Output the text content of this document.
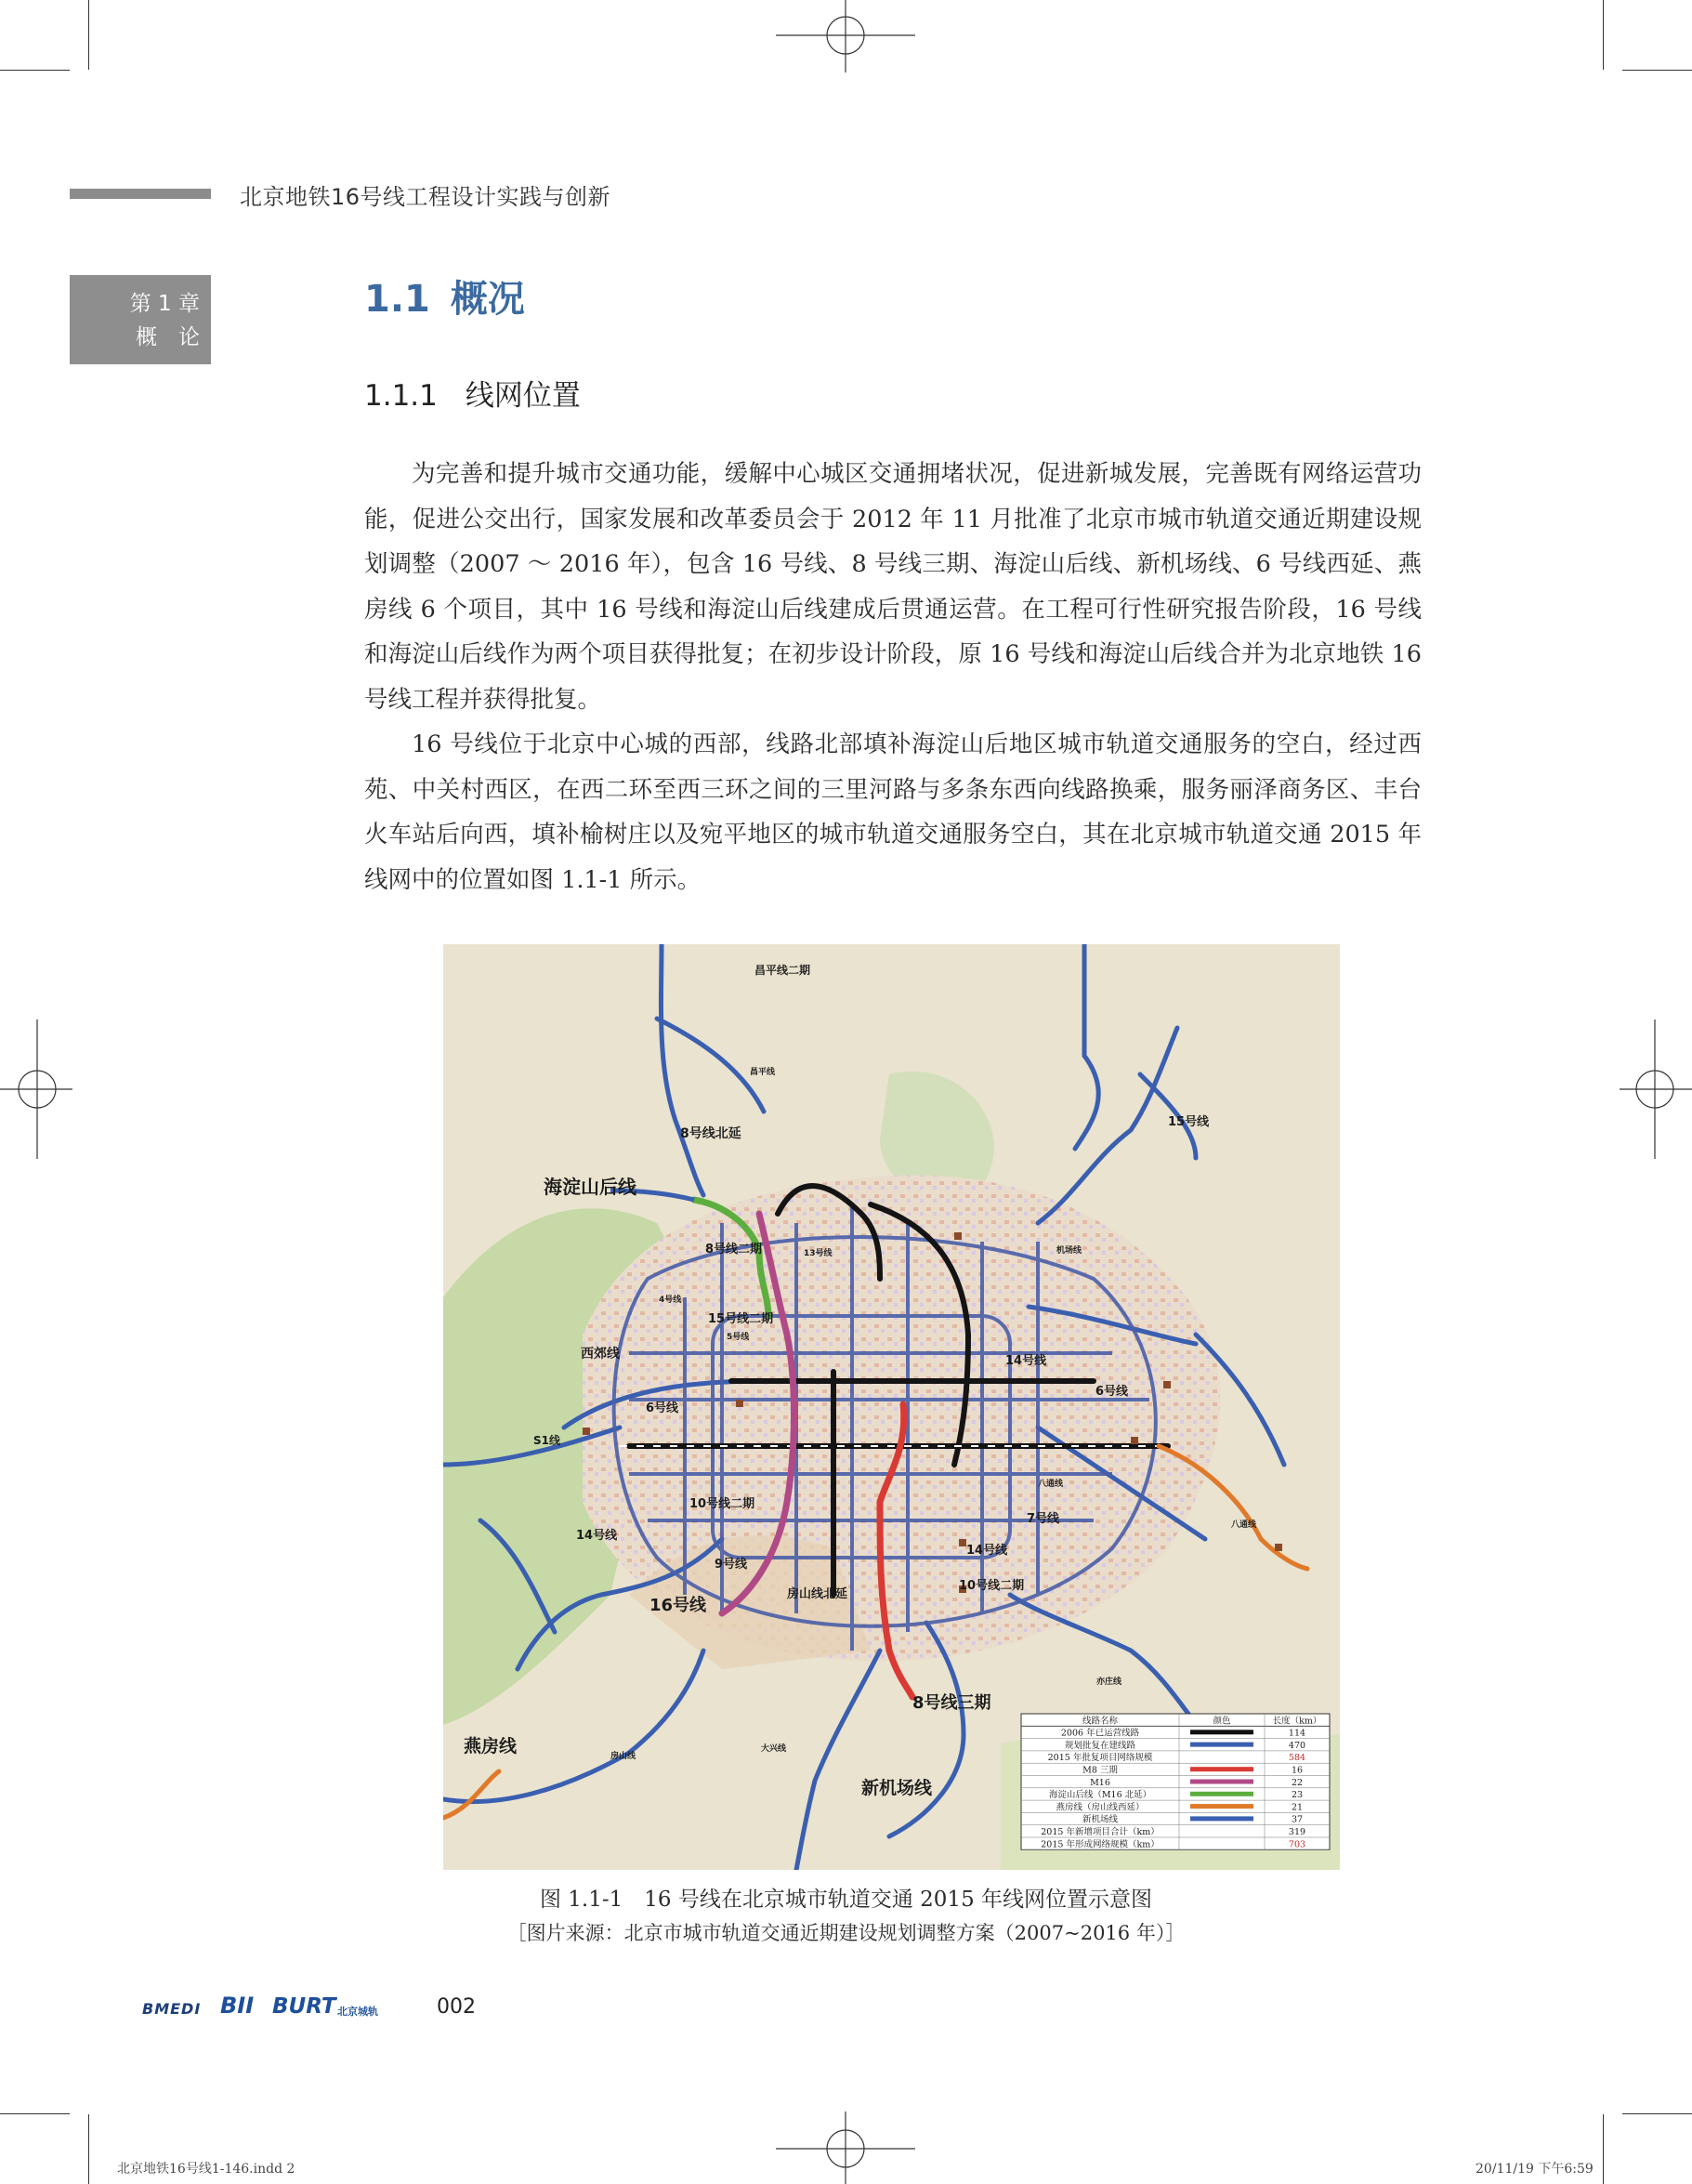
北京地铁16号线工程设计实践与创新
第 1 章
概　论
1.1 概况
1.1.1 线网位置

为完善和提升城市交通功能，缓解中心城区交通拥堵状况，促进新城发展，完善既有网络运营功能，促进公交出行，国家发展和改革委员会于 2012 年 11 月批准了北京市城市轨道交通近期建设规划调整（2007 ～ 2016 年），包含 16 号线、8 号线三期、海淀山后线、新机场线、6 号线西延、燕房线 6 个项目，其中 16 号线和海淀山后线建成后贯通运营。在工程可行性研究报告阶段，16 号线和海淀山后线作为两个项目获得批复；在初步设计阶段，原 16 号线和海淀山后线合并为北京地铁 16 号线工程并获得批复。

16 号线位于北京中心城的西部，线路北部填补海淀山后地区城市轨道交通服务的空白，经过西苑、中关村西区，在西二环至西三环之间的三里河路与多条东西向线路换乘，服务丽泽商务区、丰台火车站后向西，填补榆树庄以及宛平地区的城市轨道交通服务空白，其在北京城市轨道交通 2015 年线网中的位置如图 1.1-1 所示。

昌平线二期
昌平线
15号线
8号线北延
海淀山后线
8号线二期	13号线	机场线
15号线二期
4号线
西郊线
5号线
14号线
6号线
6号线
S1线
10号线二期
八通线
八通线
7号线
14号线
14号线
9号线
房山线北延
10号线二期
16号线
亦庄线
8号线三期
燕房线	房山线
大兴线
新机场线
线路名称	颜色	长度（km）
2006 年已运营线路	114
规划批复在建线路	470
2015 年批复项目网络规模	584
M8 三期	16
M16	22
海淀山后线（M16 北延）	23
燕房线（房山线西延）	21
新机场线	37
2015 年新增项目合计（km）	319
2015 年形成网络规模（km）	703
图 1.1-1　16 号线在北京城市轨道交通 2015 年线网位置示意图
［图片来源：北京市城市轨道交通近期建设规划调整方案（2007~2016 年）］
BMEDI BII BURT 北京城轨	002
北京地铁16号线1-146.indd 2	20/11/19 下午6:59
